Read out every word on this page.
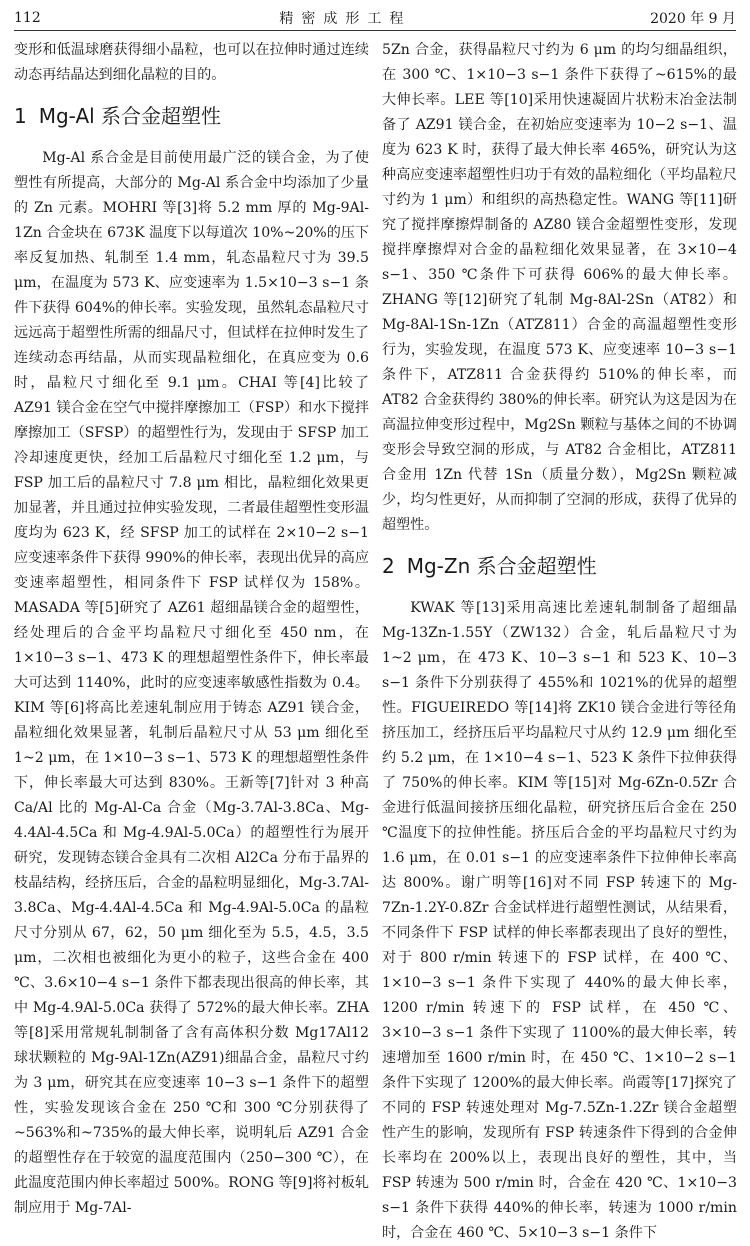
112	精密成形工程	2020 年 9 月

变形和低温球磨获得细小晶粒，也可以在拉伸时通过连续动态再结晶达到细化晶粒的目的。

1 Mg-Al 系合金超塑性

Mg-Al 系合金是目前使用最广泛的镁合金，为了使塑性有所提高，大部分的 Mg-Al 系合金中均添加了少量的 Zn 元素。MOHRI 等[3]将 5.2 mm 厚的 Mg-9Al-1Zn 合金块在 673K 温度下以每道次 10%~20%的压下率反复加热、轧制至 1.4 mm，轧态晶粒尺寸为 39.5 μm，在温度为 573 K、应变速率为 1.5×10−3 s−1 条件下获得 604%的伸长率。实验发现，虽然轧态晶粒尺寸远远高于超塑性所需的细晶尺寸，但试样在拉伸时发生了连续动态再结晶，从而实现晶粒细化，在真应变为 0.6 时，晶粒尺寸细化至 9.1 μm。CHAI 等[4]比较了 AZ91 镁合金在空气中搅拌摩擦加工（FSP）和水下搅拌摩擦加工（SFSP）的超塑性行为，发现由于 SFSP 加工冷却速度更快，经加工后晶粒尺寸细化至 1.2 μm，与 FSP 加工后的晶粒尺寸 7.8 μm 相比，晶粒细化效果更加显著，并且通过拉伸实验发现，二者最佳超塑性变形温度均为 623 K，经 SFSP 加工的试样在 2×10−2 s−1 应变速率条件下获得 990%的伸长率，表现出优异的高应变速率超塑性，相同条件下 FSP 试样仅为 158%。MASADA 等[5]研究了 AZ61 超细晶镁合金的超塑性，经处理后的合金平均晶粒尺寸细化至 450 nm，在 1×10−3 s−1、473 K 的理想超塑性条件下，伸长率最大可达到 1140%，此时的应变速率敏感性指数为 0.4。KIM 等[6]将高比差速轧制应用于铸态 AZ91 镁合金，晶粒细化效果显著，轧制后晶粒尺寸从 53 μm 细化至 1~2 μm，在 1×10−3 s−1、573 K 的理想超塑性条件下，伸长率最大可达到 830%。王新等[7]针对 3 种高 Ca/Al 比的 Mg-Al-Ca 合金（Mg-3.7Al-3.8Ca、Mg-4.4Al-4.5Ca 和 Mg-4.9Al-5.0Ca）的超塑性行为展开研究，发现铸态镁合金具有二次相 Al2Ca 分布于晶界的枝晶结构，经挤压后，合金的晶粒明显细化，Mg-3.7Al-3.8Ca、Mg-4.4Al-4.5Ca 和 Mg-4.9Al-5.0Ca 的晶粒尺寸分别从 67，62，50 μm 细化至为 5.5，4.5，3.5 μm，二次相也被细化为更小的粒子，这些合金在 400 ℃、3.6×10−4 s−1 条件下都表现出很高的伸长率，其中 Mg-4.9Al-5.0Ca 获得了 572%的最大伸长率。ZHA 等[8]采用常规轧制制备了含有高体积分数 Mg17Al12 球状颗粒的 Mg-9Al-1Zn(AZ91)细晶合金，晶粒尺寸约为 3 μm，研究其在应变速率 10−3 s−1 条件下的超塑性，实验发现该合金在 250 ℃和 300 ℃分别获得了~563%和~735%的最大伸长率，说明轧后 AZ91 合金的超塑性存在于较宽的温度范围内（250−300 ℃），在此温度范围内伸长率超过 500%。RONG 等[9]将衬板轧制应用于 Mg-7Al-

5Zn 合金，获得晶粒尺寸约为 6 μm 的均匀细晶组织，在 300 ℃、1×10−3 s−1 条件下获得了~615%的最大伸长率。LEE 等[10]采用快速凝固片状粉末冶金法制备了 AZ91 镁合金，在初始应变速率为 10−2 s−1、温度为 623 K 时，获得了最大伸长率 465%，研究认为这种高应变速率超塑性归功于有效的晶粒细化（平均晶粒尺寸约为 1 μm）和组织的高热稳定性。WANG 等[11]研究了搅拌摩擦焊制备的 AZ80 镁合金超塑性变形，发现搅拌摩擦焊对合金的晶粒细化效果显著，在 3×10−4 s−1、350 ℃条件下可获得 606%的最大伸长率。ZHANG 等[12]研究了轧制 Mg-8Al-2Sn（AT82）和 Mg-8Al-1Sn-1Zn（ATZ811）合金的高温超塑性变形行为，实验发现，在温度 573 K、应变速率 10−3 s−1 条件下，ATZ811 合金获得约 510%的伸长率，而 AT82 合金获得约 380%的伸长率。研究认为这是因为在高温拉伸变形过程中，Mg2Sn 颗粒与基体之间的不协调变形会导致空洞的形成，与 AT82 合金相比，ATZ811 合金用 1Zn 代替 1Sn（质量分数），Mg2Sn 颗粒减少，均匀性更好，从而抑制了空洞的形成，获得了优异的超塑性。

2 Mg-Zn 系合金超塑性

KWAK 等[13]采用高速比差速轧制制备了超细晶 Mg-13Zn-1.55Y（ZW132）合金，轧后晶粒尺寸为 1~2 μm，在 473 K、10−3 s−1 和 523 K、10−3 s−1 条件下分别获得了 455%和 1021%的优异的超塑性。FIGUEIREDO 等[14]将 ZK10 镁合金进行等径角挤压加工，经挤压后平均晶粒尺寸从约 12.9 μm 细化至约 5.2 μm，在 1×10−4 s−1、523 K 条件下拉伸获得了 750%的伸长率。KIM 等[15]对 Mg-6Zn-0.5Zr 合金进行低温间接挤压细化晶粒，研究挤压后合金在 250 ℃温度下的拉伸性能。挤压后合金的平均晶粒尺寸约为 1.6 μm，在 0.01 s−1 的应变速率条件下拉伸伸长率高达 800%。谢广明等[16]对不同 FSP 转速下的 Mg-7Zn-1.2Y-0.8Zr 合金试样进行超塑性测试，从结果看，不同条件下 FSP 试样的伸长率都表现出了良好的塑性，对于 800 r/min 转速下的 FSP 试样，在 400 ℃、1×10−3 s−1 条件下实现了 440%的最大伸长率，1200 r/min 转速下的 FSP 试样，在 450 ℃、3×10−3 s−1 条件下实现了 1100%的最大伸长率，转速增加至 1600 r/min 时，在 450 ℃、1×10−2 s−1 条件下实现了 1200%的最大伸长率。尚霞等[17]探究了不同的 FSP 转速处理对 Mg-7.5Zn-1.2Zr 镁合金超塑性产生的影响，发现所有 FSP 转速条件下得到的合金伸长率均在 200%以上，表现出良好的塑性，其中，当 FSP 转速为 500 r/min 时，合金在 420 ℃、1×10−3 s−1 条件下获得 440%的伸长率，转速为 1000 r/min 时，合金在 460 ℃、5×10−3 s−1 条件下
